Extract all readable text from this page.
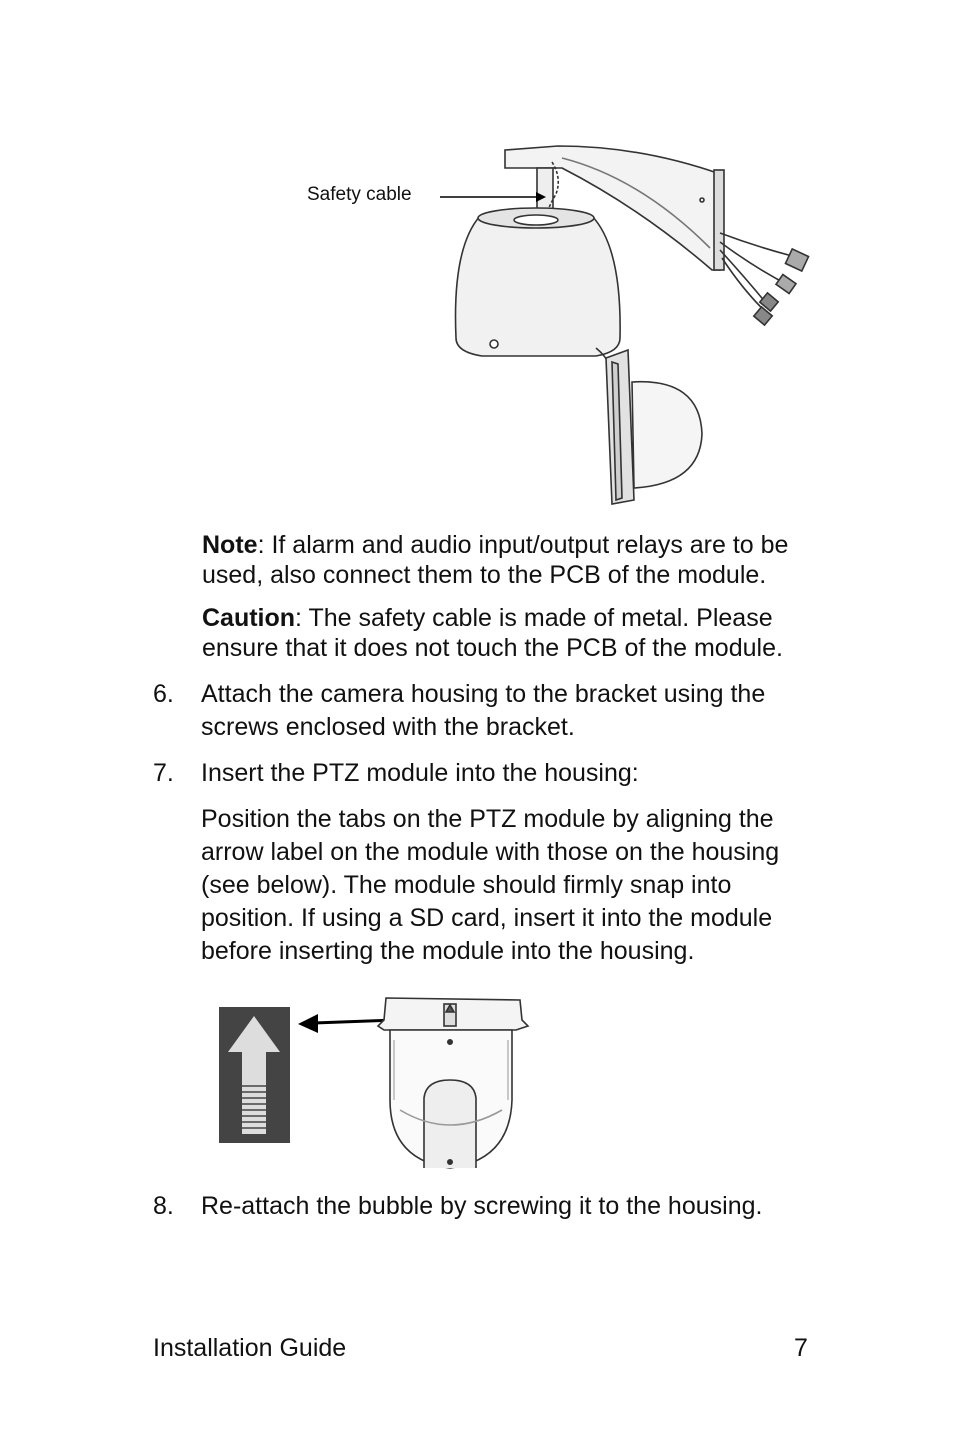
Safety cable

Note: If alarm and audio input/output relays are to be used, also connect them to the PCB of the module.

Caution: The safety cable is made of metal. Please ensure that it does not touch the PCB of the module.

6. Attach the camera housing to the bracket using the screws enclosed with the bracket.
7. Insert the PTZ module into the housing:
Position the tabs on the PTZ module by aligning the arrow label on the module with those on the housing (see below). The module should firmly snap into position. If using a SD card, insert it into the module before inserting the module into the housing.
8. Re-attach the bubble by screwing it to the housing.
Installation Guide	7
